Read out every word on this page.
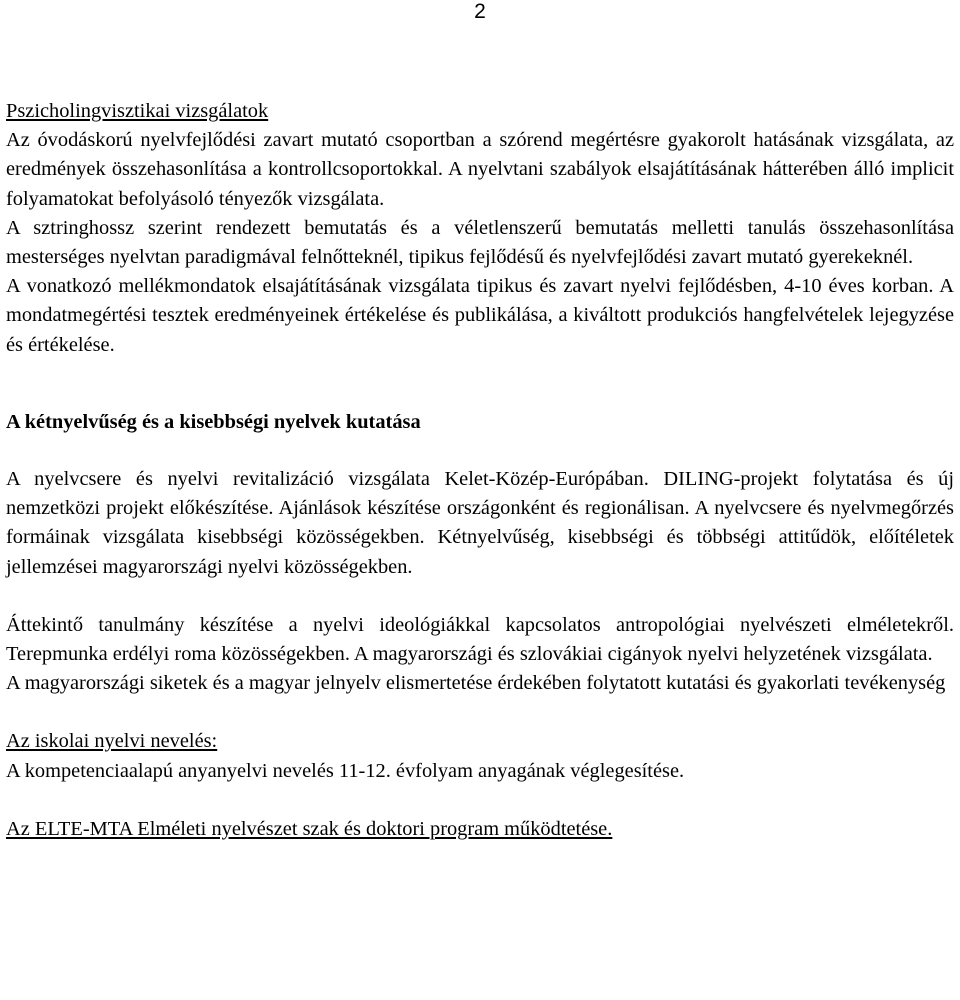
2

Pszicholingvisztikai vizsgálatok

Az óvodáskorú nyelvfejlődési zavart mutató csoportban a szórend megértésre gyakorolt hatásának vizsgálata, az eredmények összehasonlítása a kontrollcsoportokkal. A nyelvtani szabályok elsajátításának hátterében álló implicit folyamatokat befolyásoló tényezők vizsgálata.

A sztringhossz szerint rendezett bemutatás és a véletlenszerű bemutatás melletti tanulás összehasonlítása mesterséges nyelvtan paradigmával felnőtteknél, tipikus fejlődésű és nyelvfejlődési zavart mutató gyerekeknél.

A vonatkozó mellékmondatok elsajátításának vizsgálata tipikus és zavart nyelvi fejlődésben, 4-10 éves korban. A mondatmegértési tesztek eredményeinek értékelése és publikálása, a kiváltott produkciós hangfelvételek lejegyzése és értékelése.

A kétnyelvűség és a kisebbségi nyelvek kutatása

A nyelvcsere és nyelvi revitalizáció vizsgálata Kelet-Közép-Európában. DILING-projekt folytatása és új nemzetközi projekt előkészítése. Ajánlások készítése országonként és regionálisan. A nyelvcsere és nyelvmegőrzés formáinak vizsgálata kisebbségi közösségekben. Kétnyelvűség, kisebbségi és többségi attitűdök, előítéletek jellemzései magyarországi nyelvi közösségekben.

Áttekintő tanulmány készítése a nyelvi ideológiákkal kapcsolatos antropológiai nyelvészeti elméletekről. Terepmunka erdélyi roma közösségekben. A magyarországi és szlovákiai cigányok nyelvi helyzetének vizsgálata.

A magyarországi siketek és a magyar jelnyelv elismertetése érdekében folytatott kutatási és gyakorlati tevékenység

Az iskolai nyelvi nevelés:

A kompetenciaalapú anyanyelvi nevelés 11-12. évfolyam anyagának véglegesítése.

Az ELTE-MTA Elméleti nyelvészet szak és doktori program működtetése.
